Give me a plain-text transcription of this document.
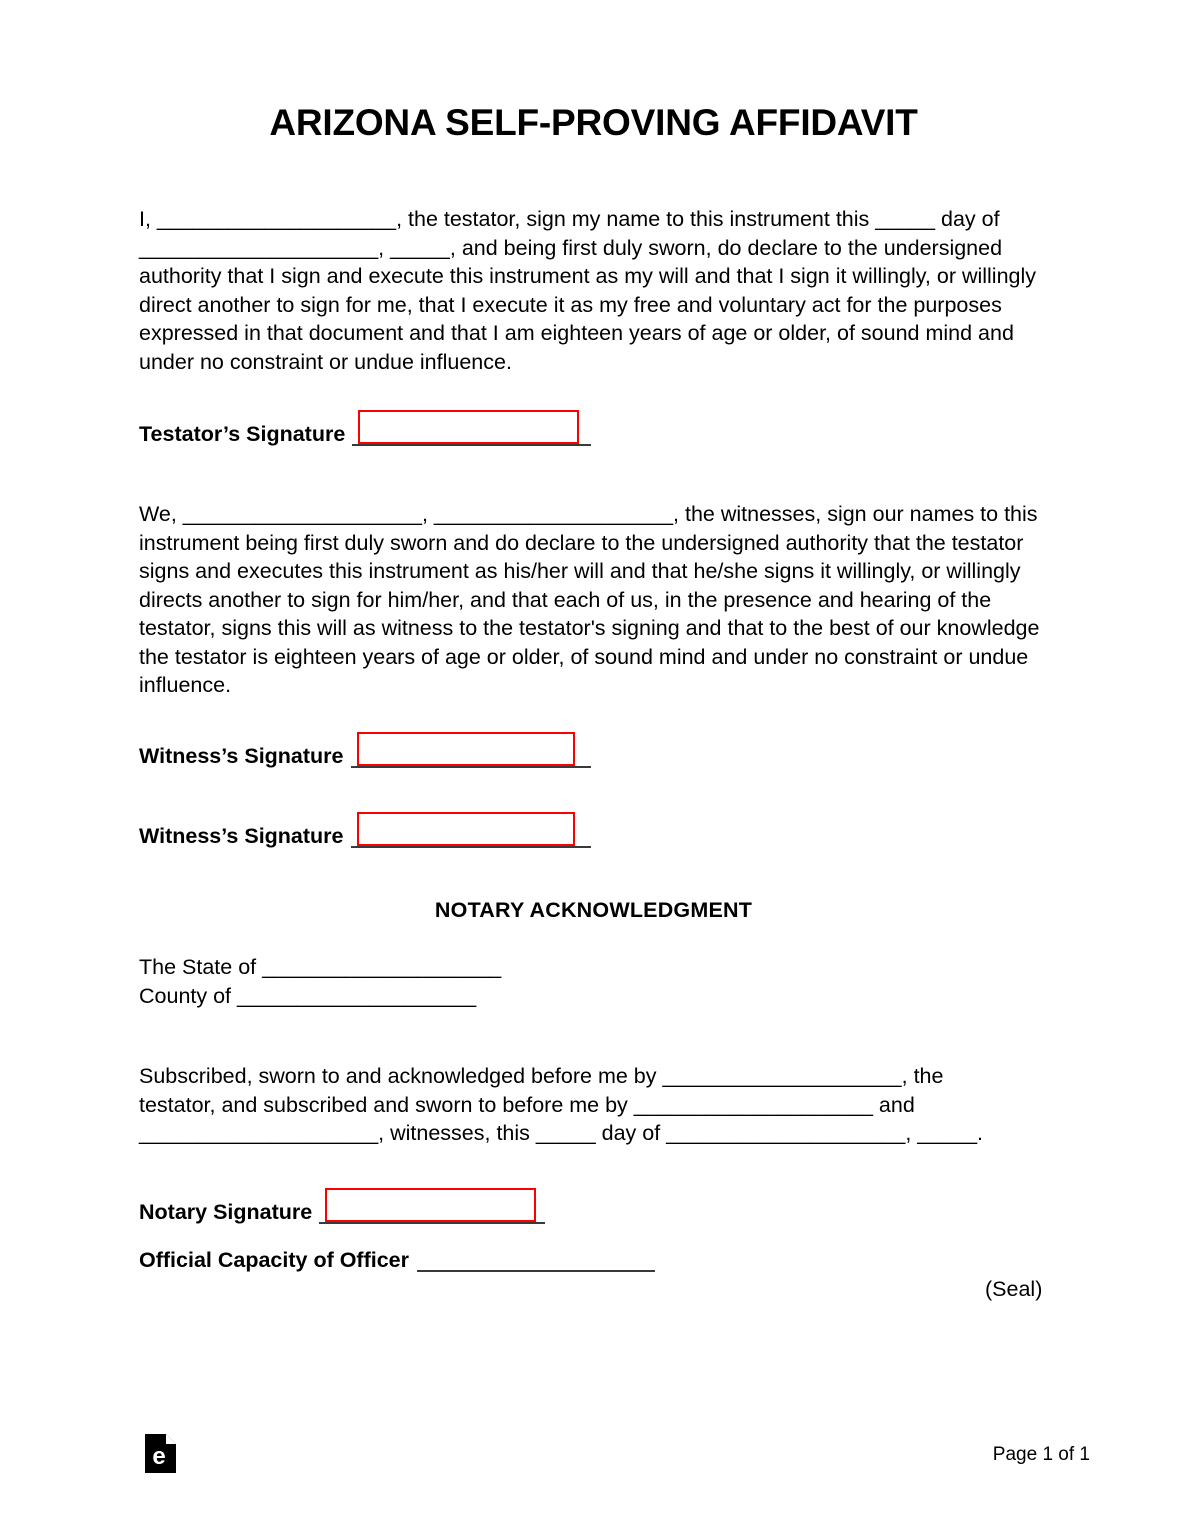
ARIZONA SELF-PROVING AFFIDAVIT
I, ____________________, the testator, sign my name to this instrument this _____ day of ____________________, _____, and being first duly sworn, do declare to the undersigned authority that I sign and execute this instrument as my will and that I sign it willingly, or willingly direct another to sign for me, that I execute it as my free and voluntary act for the purposes expressed in that document and that I am eighteen years of age or older, of sound mind and under no constraint or undue influence.
Testator’s Signature
We, ____________________, ____________________, the witnesses, sign our names to this instrument being first duly sworn and do declare to the undersigned authority that the testator signs and executes this instrument as his/her will and that he/she signs it willingly, or willingly directs another to sign for him/her, and that each of us, in the presence and hearing of the testator, signs this will as witness to the testator's signing and that to the best of our knowledge the testator is eighteen years of age or older, of sound mind and under no constraint or undue influence.
Witness’s Signature
Witness’s Signature
NOTARY ACKNOWLEDGMENT
The State of ____________________
County of ____________________
Subscribed, sworn to and acknowledged before me by ____________________, the testator, and subscribed and sworn to before me by ____________________ and ____________________, witnesses, this _____ day of ____________________, _____.
Notary Signature
Official Capacity of Officer
(Seal)
e	Page 1 of 1
